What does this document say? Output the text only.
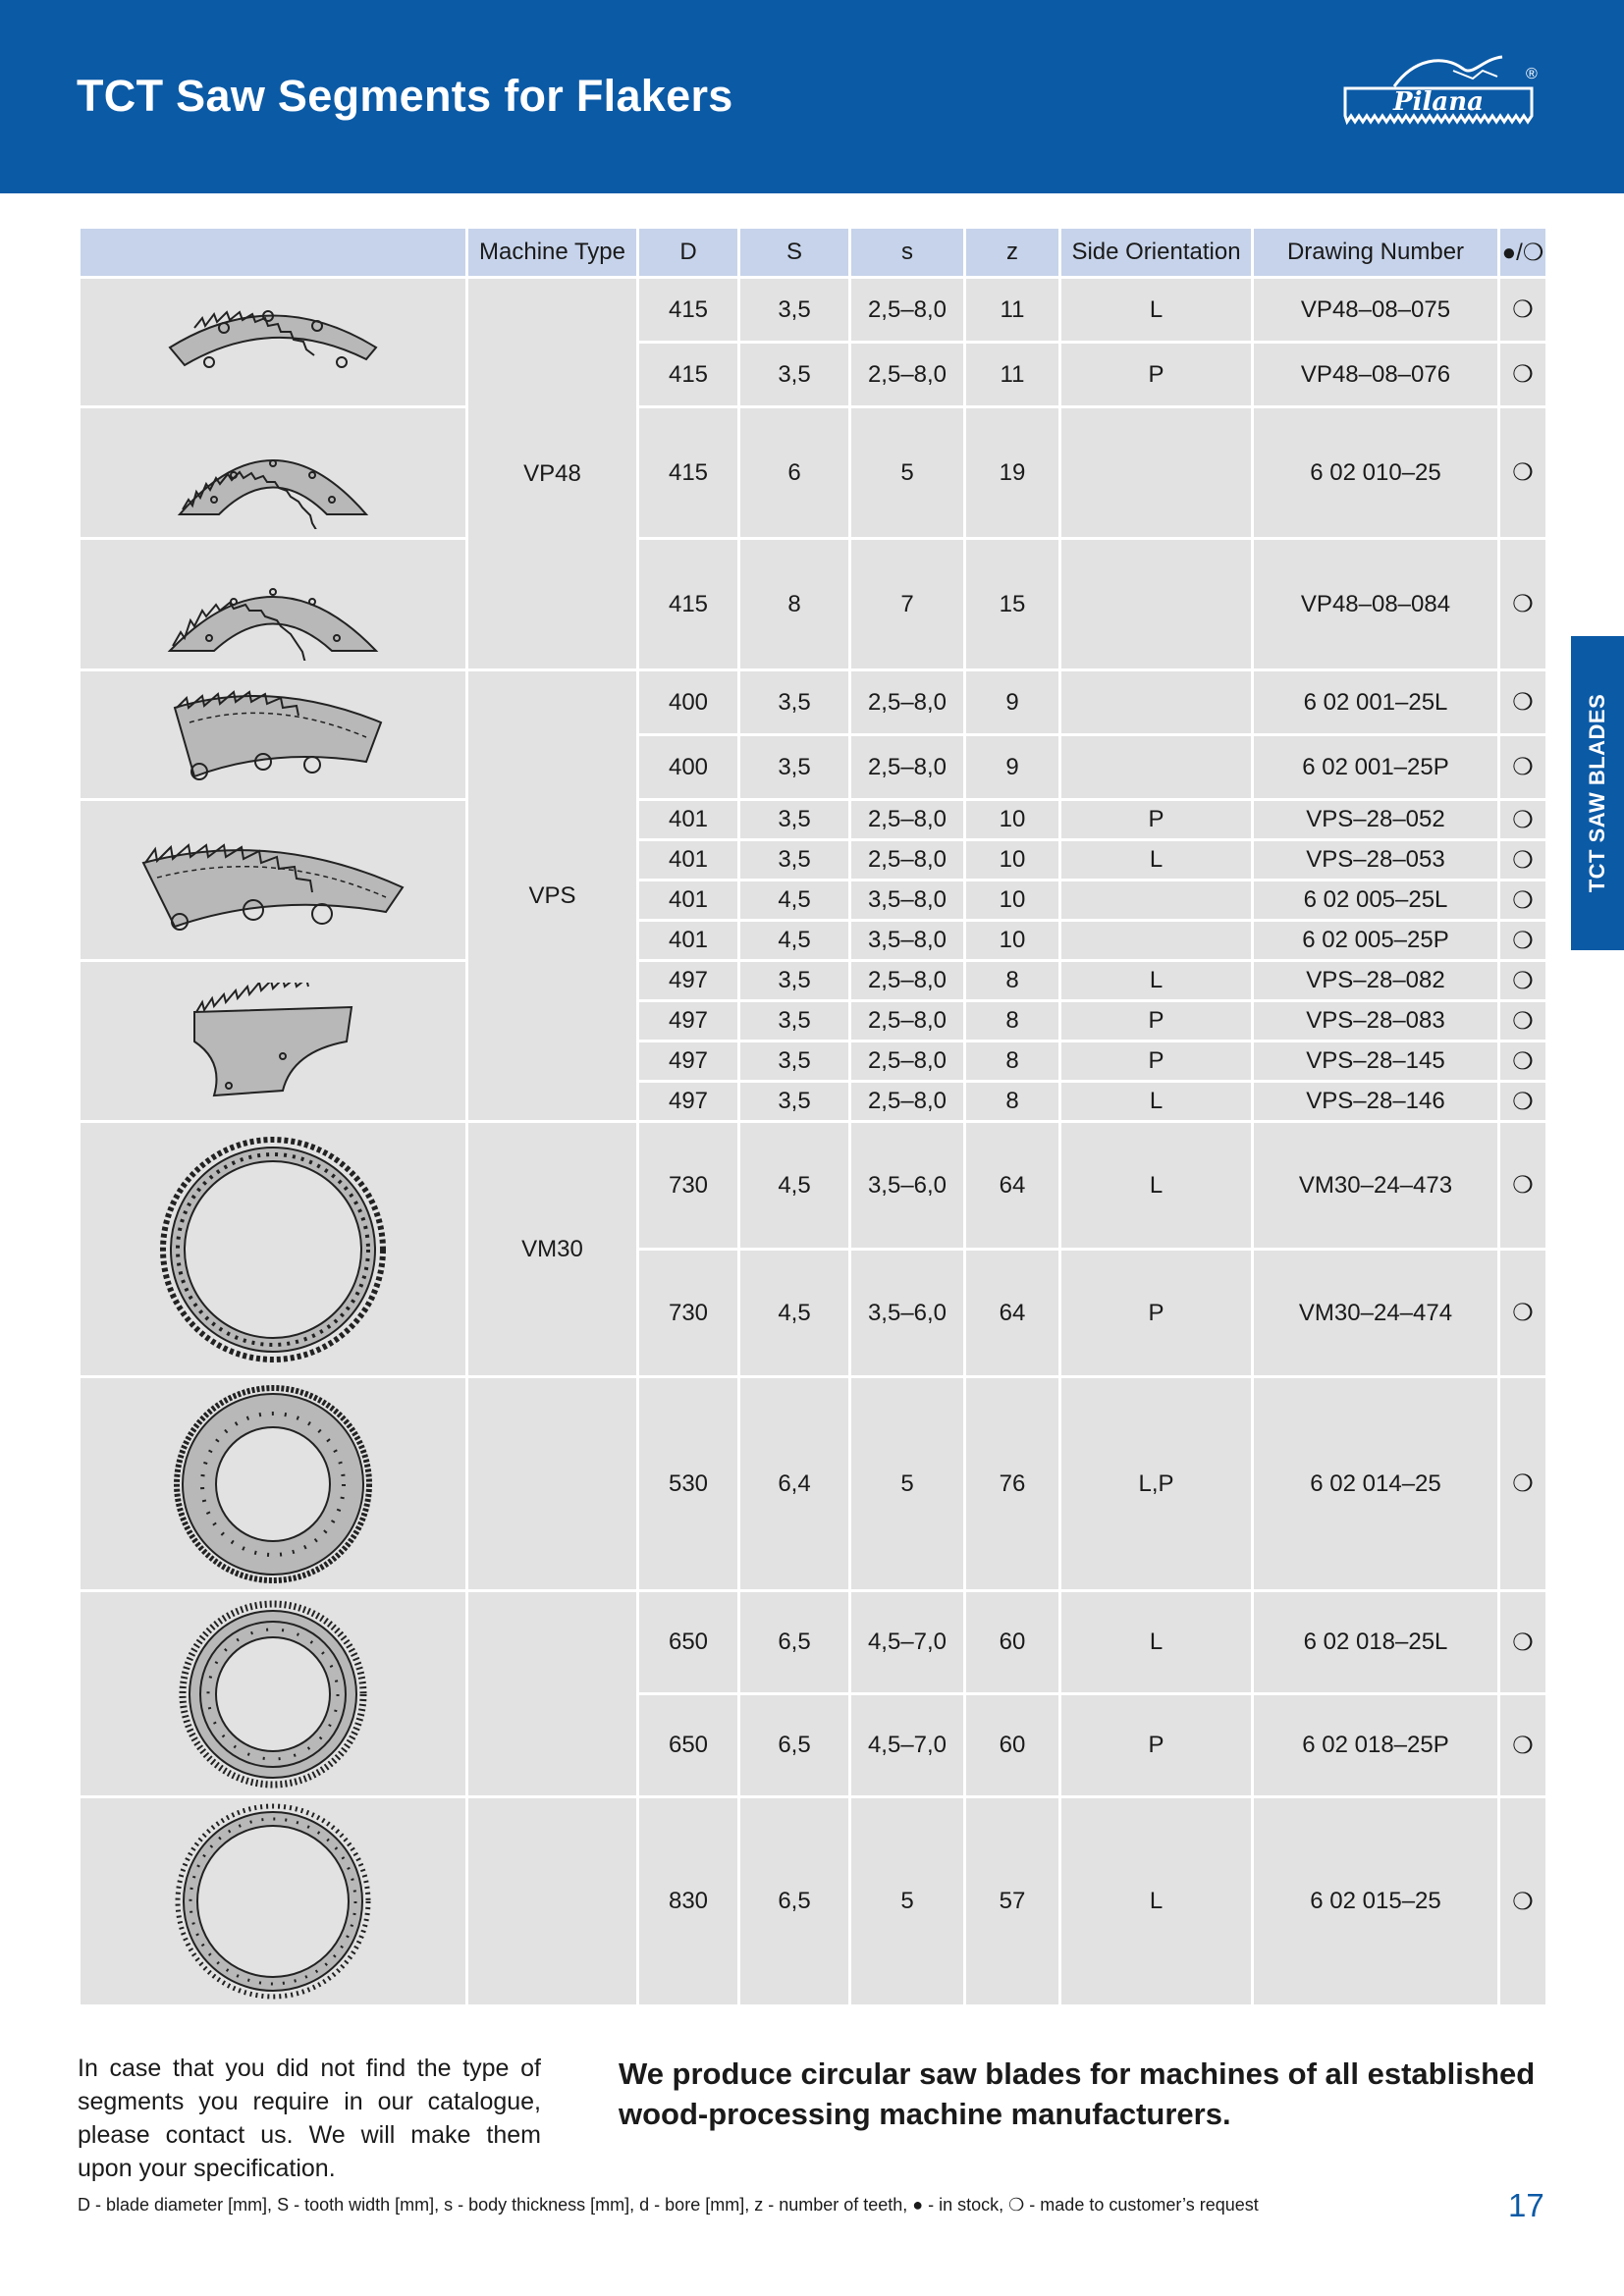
TCT Saw Segments for Flakers	Pilana
®
TCT SAW BLADES
	Machine Type	D	S	s	z	Side Orientation	Drawing Number	●/❍

	VP48	415	3,5	2,5–8,0	11	L	VP48–08–075	❍
		415	3,5	2,5–8,0	11	P	VP48–08–076	❍

	415	6	5	19		6 02 010–25	❍

	415	8	7	15		VP48–08–084	❍

	VPS	400	3,5	2,5–8,0	9		6 02 001–25L	❍
		400	3,5	2,5–8,0	9		6 02 001–25P	❍

	401	3,5	2,5–8,0	10	P	VPS–28–052	❍
		401	3,5	2,5–8,0	10	L	VPS–28–053	❍
		401	4,5	3,5–8,0	10		6 02 005–25L	❍
		401	4,5	3,5–8,0	10		6 02 005–25P	❍

	497	3,5	2,5–8,0	8	L	VPS–28–082	❍
		497	3,5	2,5–8,0	8	P	VPS–28–083	❍
		497	3,5	2,5–8,0	8	P	VPS–28–145	❍
		497	3,5	2,5–8,0	8	L	VPS–28–146	❍

	VM30	730	4,5	3,5–6,0	64	L	VM30–24–473	❍
		730	4,5	3,5–6,0	64	P	VM30–24–474	❍

		530	6,4	5	76	L,P	6 02 014–25	❍

		650	6,5	4,5–7,0	60	L	6 02 018–25L	❍
		650	6,5	4,5–7,0	60	P	6 02 018–25P	❍

		830	6,5	5	57	L	6 02 015–25	❍
In case that you did not find the type of segments you require in our catalogue, please contact us. We will make them upon your specification.
We produce circular saw blades for machines of all established wood-processing machine manufacturers.
D - blade diameter [mm], S - tooth width [mm], s - body thickness [mm], d - bore [mm], z - number of teeth, ● - in stock, ❍ - made to customer’s request	17
